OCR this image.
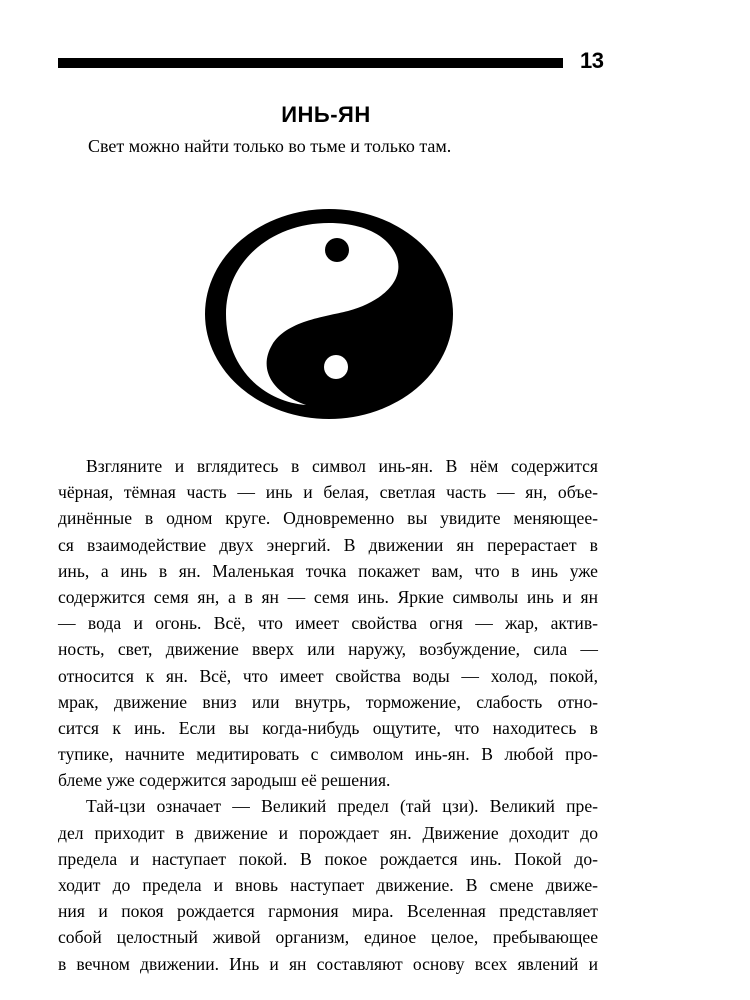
13
ИНЬ-ЯН
Свет можно найти только во тьме и только там.
Взгляните и вглядитесь в символ инь-ян. В нём содержится
чёрная, тёмная часть — инь и белая, светлая часть — ян, объе-
динённые в одном круге. Одновременно вы увидите меняющее-
ся взаимодействие двух энергий. В движении ян перерастает в
инь, а инь в ян. Маленькая точка покажет вам, что в инь уже
содержится семя ян, а в ян — семя инь. Яркие символы инь и ян
— вода и огонь. Всё, что имеет свойства огня — жар, актив-
ность, свет, движение вверх или наружу, возбуждение, сила —
относится к ян. Всё, что имеет свойства воды — холод, покой,
мрак, движение вниз или внутрь, торможение, слабость отно-
сится к инь. Если вы когда-нибудь ощутите, что находитесь в
тупике, начните медитировать с символом инь-ян. В любой про-
блеме уже содержится зародыш её решения.
Тай-цзи означает — Великий предел (тай цзи). Великий пре-
дел приходит в движение и порождает ян. Движение доходит до
предела и наступает покой. В покое рождается инь. Покой до-
ходит до предела и вновь наступает движение. В смене движе-
ния и покоя рождается гармония мира. Вселенная представляет
собой целостный живой организм, единое целое, пребывающее
в вечном движении. Инь и ян составляют основу всех явлений и
